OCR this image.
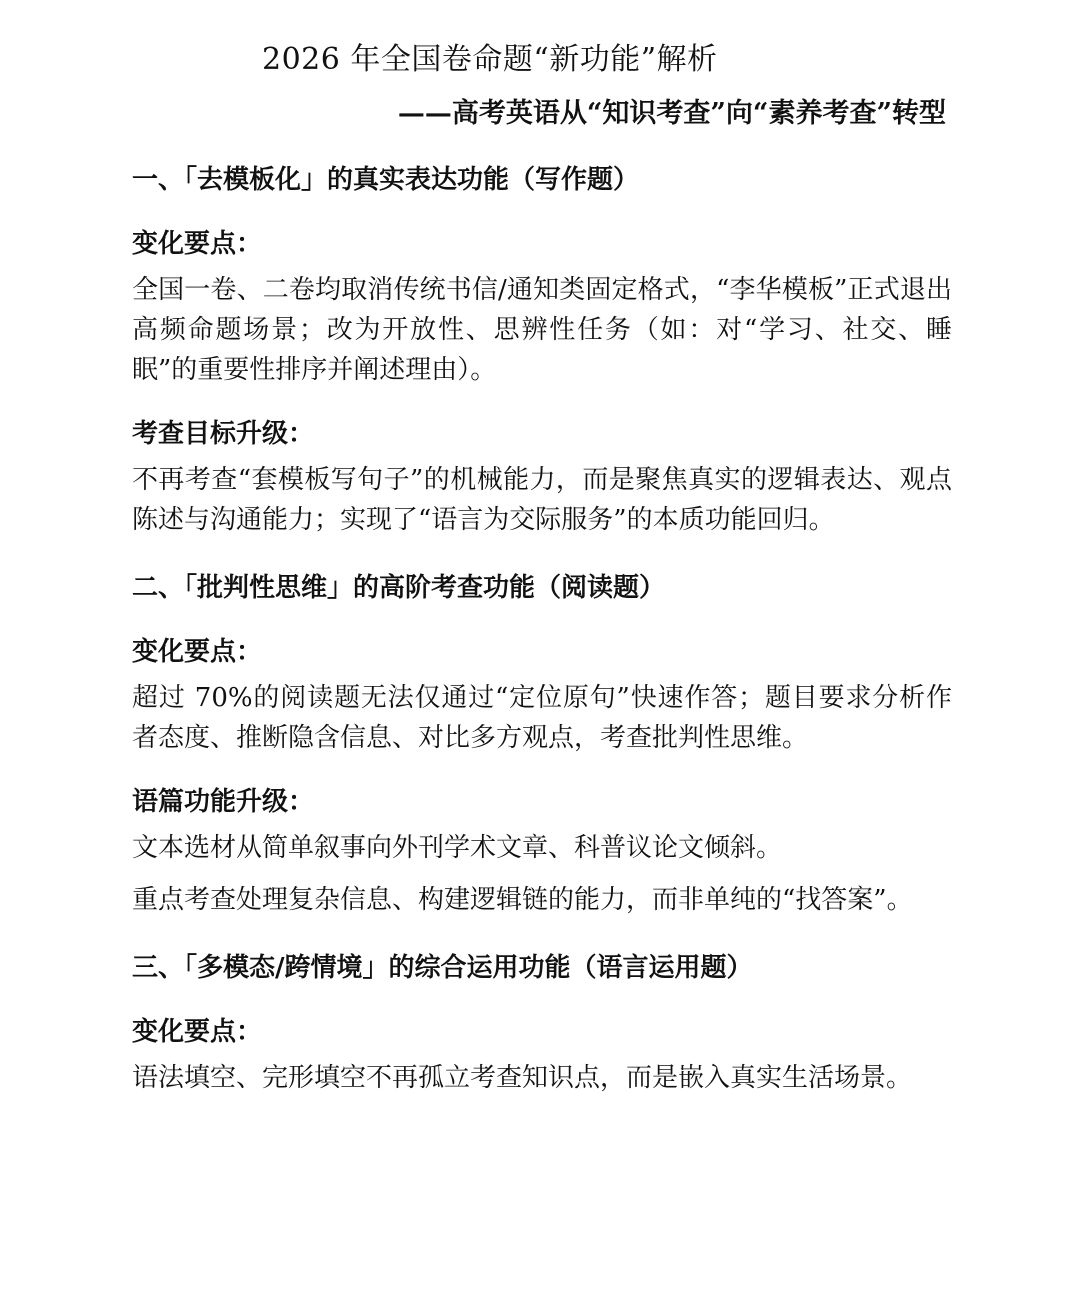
2026 年全国卷命题“新功能”解析
——高考英语从“知识考查”向“素养考查”转型
一、「去模板化」的真实表达功能（写作题）
变化要点：

全国一卷、二卷均取消传统书信/通知类固定格式，“李华模板”正式退出高频命题场景；改为开放性、思辨性任务（如：对“学习、社交、睡眠”的重要性排序并阐述理由）。

考查目标升级：

不再考查“套模板写句子”的机械能力，而是聚焦真实的逻辑表达、观点陈述与沟通能力；实现了“语言为交际服务”的本质功能回归。

二、「批判性思维」的高阶考查功能（阅读题）
变化要点：

超过 70%的阅读题无法仅通过“定位原句”快速作答；题目要求分析作者态度、推断隐含信息、对比多方观点，考查批判性思维。

语篇功能升级：

文本选材从简单叙事向外刊学术文章、科普议论文倾斜。

重点考查处理复杂信息、构建逻辑链的能力，而非单纯的“找答案”。

三、「多模态/跨情境」的综合运用功能（语言运用题）
变化要点：

语法填空、完形填空不再孤立考查知识点，而是嵌入真实生活场景。
